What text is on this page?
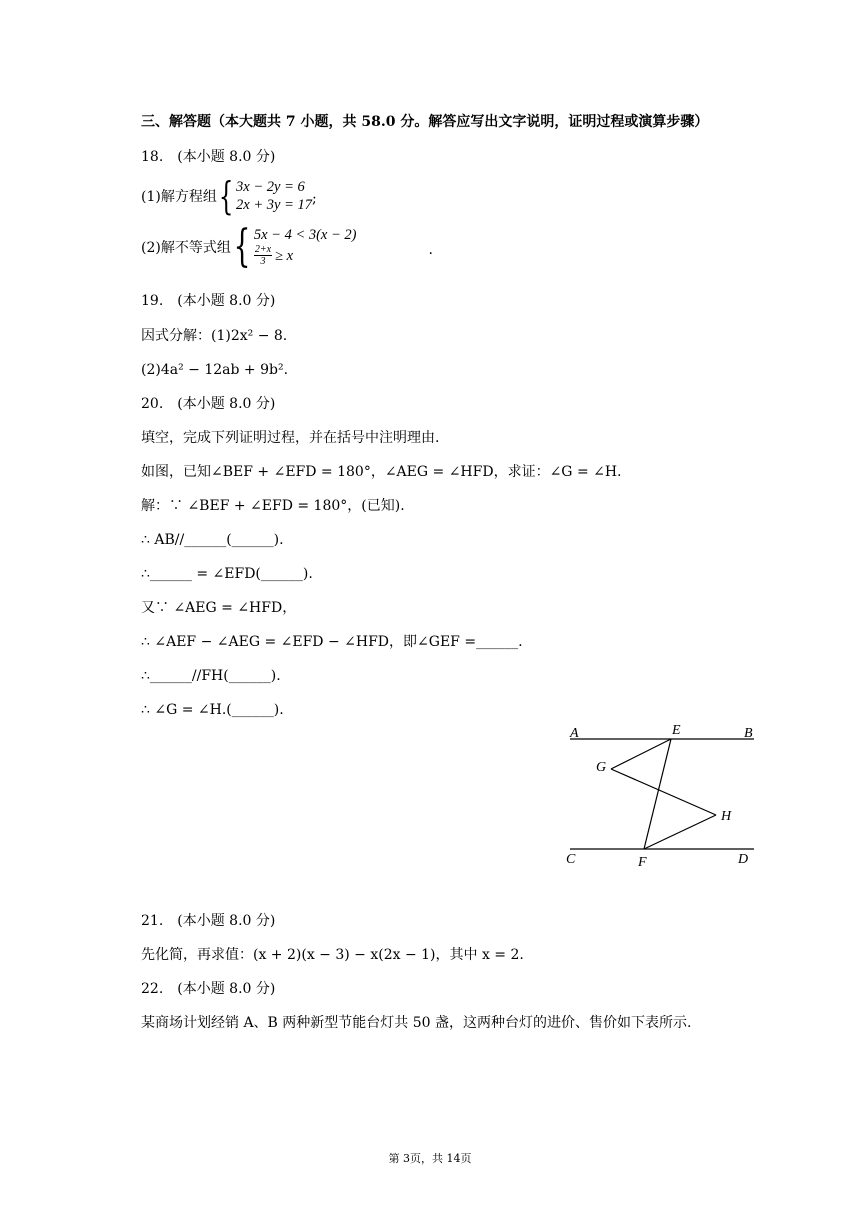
三、解答题（本大题共 7 小题，共 58.0 分。解答应写出文字说明，证明过程或演算步骤）
18.　(本小题 8.0 分)
(1)解方程组 { 3x − 2y = 6
2x + 3y = 17 ;
(2)解不等式组 { 5x − 4 < 3(x − 2)
$\frac{2+x}{3} \ge x$	.
19.　(本小题 8.0 分)
因式分解：(1)2x² − 8.
(2)4a² − 12ab + 9b².
20.　(本小题 8.0 分)
填空，完成下列证明过程，并在括号中注明理由.
如图，已知∠BEF + ∠EFD = 180°，∠AEG = ∠HFD，求证：∠G = ∠H.
解：∵ ∠BEF + ∠EFD = 180°，(已知).
∴ AB//______(______).
∴______ = ∠EFD(______).
又∵ ∠AEG = ∠HFD，
∴ ∠AEF − ∠AEG = ∠EFD − ∠HFD，即∠GEF =______.
∴______//FH(______).
∴ ∠G = ∠H.(______).
A	E	B
G
H
C	F	D
21.　(本小题 8.0 分)
先化简，再求值：(x + 2)(x − 3) − x(2x − 1)，其中 x = 2.
22.　(本小题 8.0 分)
某商场计划经销 A、B 两种新型节能台灯共 50 盏，这两种台灯的进价、售价如下表所示.
第 3页，共 14页
